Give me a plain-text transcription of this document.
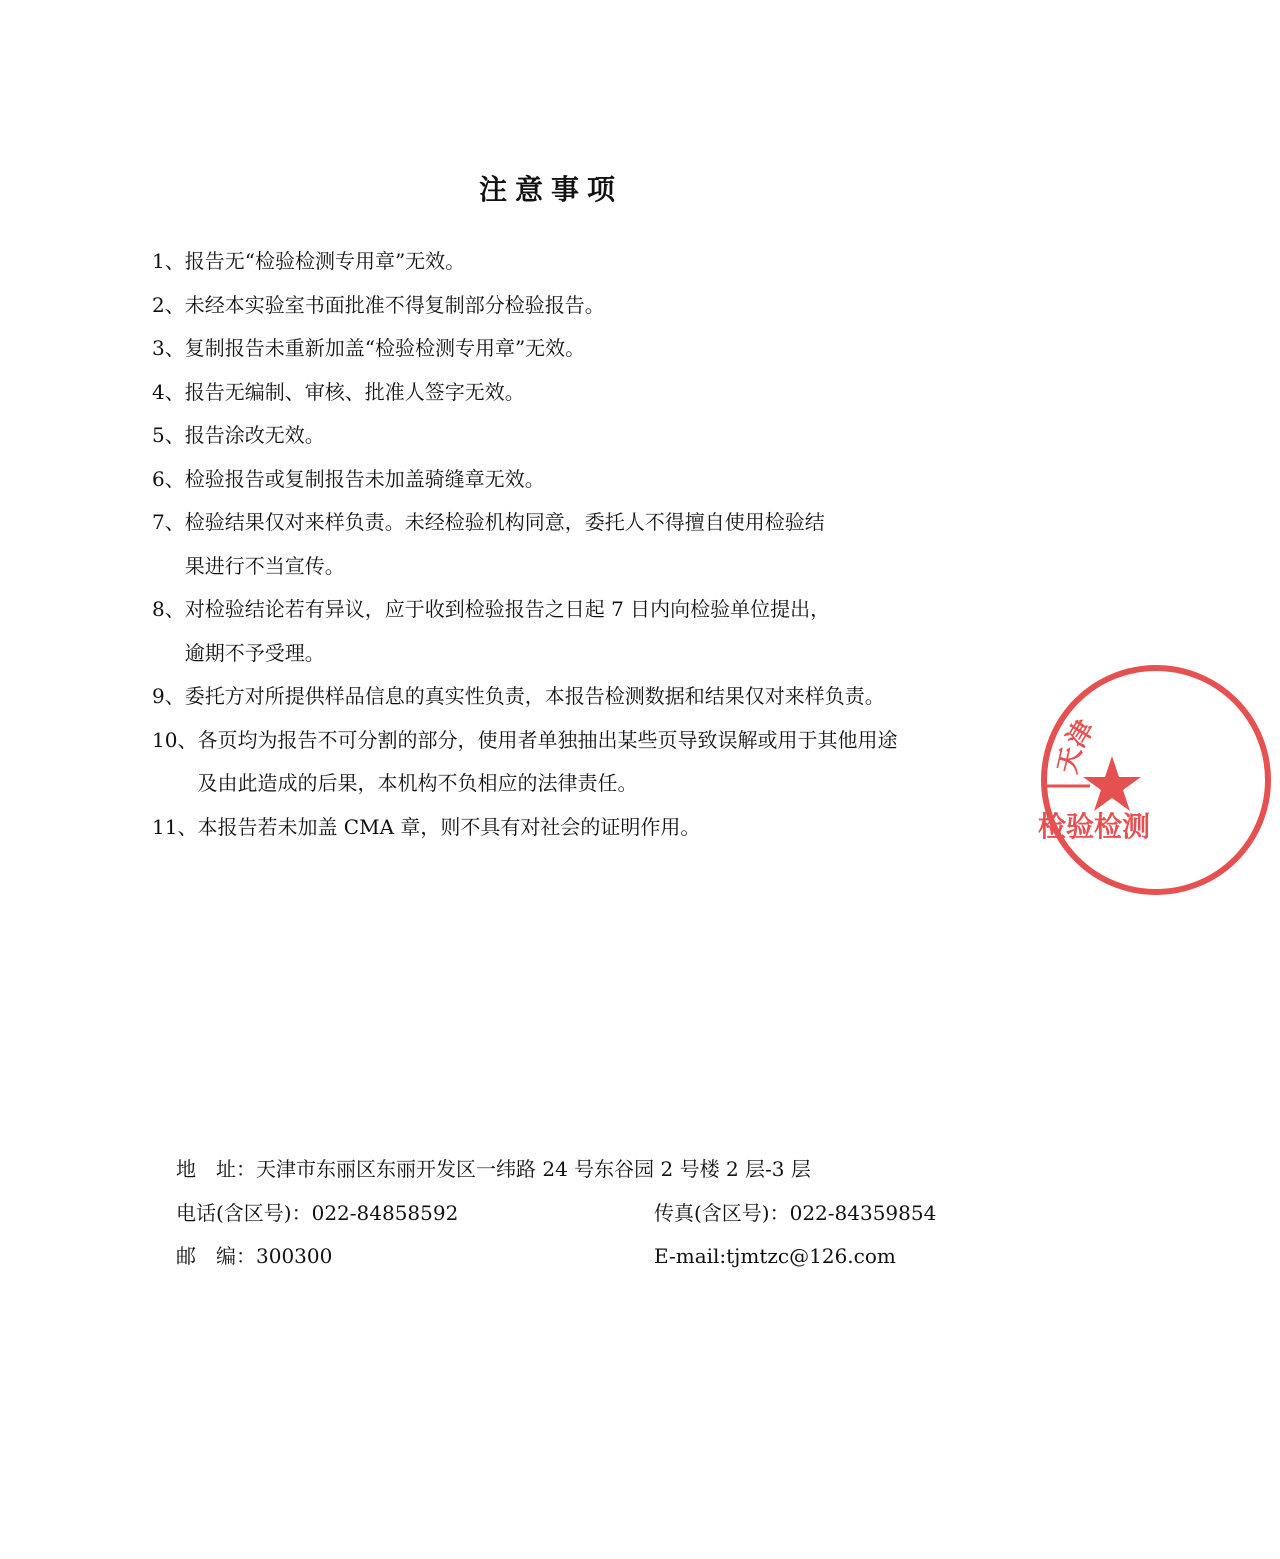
注意事项
1、 报告无“检验检测专用章”无效。
2、 未经本实验室书面批准不得复制部分检验报告。
3、 复制报告未重新加盖“检验检测专用章”无效。
4、 报告无编制、审核、批准人签字无效。
5、 报告涂改无效。
6、 检验报告或复制报告未加盖骑缝章无效。
7、 检验结果仅对来样负责。未经检验机构同意，委托人不得擅自使用检验结
果进行不当宣传。
8、 对检验结论若有异议，应于收到检验报告之日起 7 日内向检验单位提出，
逾期不予受理。
9、 委托方对所提供样品信息的真实性负责，本报告检测数据和结果仅对来样负责。
10、 各页均为报告不可分割的部分，使用者单独抽出某些页导致误解或用于其他用途
及由此造成的后果，本机构不负相应的法律责任。
11、 本报告若未加盖 CMA 章，则不具有对社会的证明作用。
地　址：天津市东丽区东丽开发区一纬路 24 号东谷园 2 号楼 2 层-3 层
电话(含区号)：022-84858592	传真(含区号)：022-84359854
邮　编：300300	E-mail:tjmtzc@126.com
天津
检验检测
